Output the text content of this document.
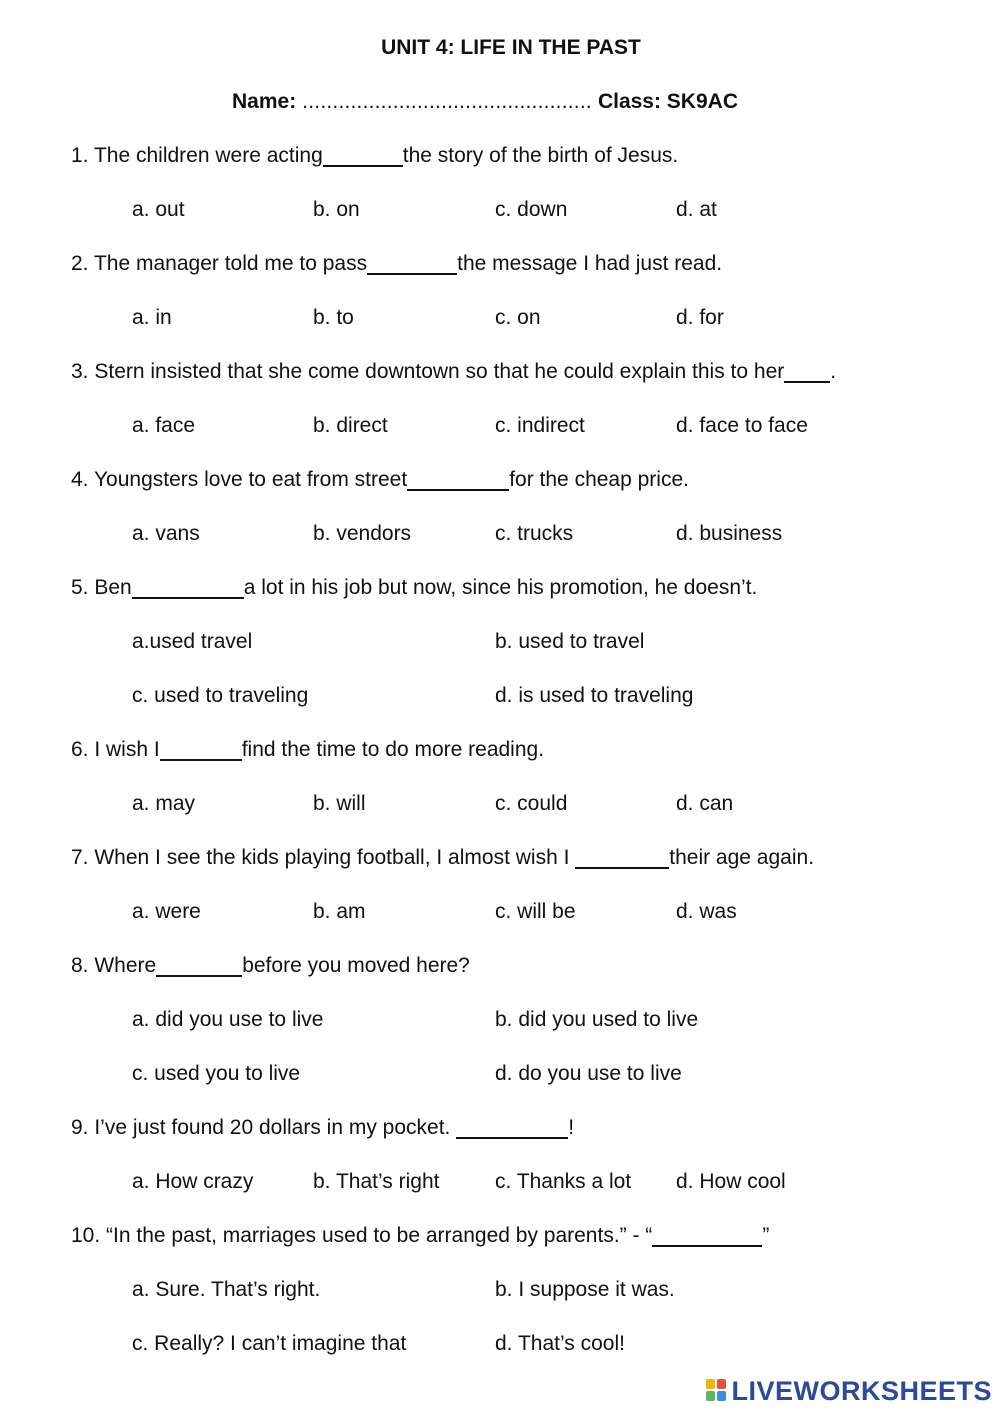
UNIT 4: LIFE IN THE PAST
Name: ................................................ Class: SK9AC
1. The children were acting	the story of the birth of Jesus.
a. out	b. on	c. down	d. at
2. The manager told me to pass	the message I had just read.
a. in	b. to	c. on	d. for
3. Stern insisted that she come downtown so that he could explain this to her .
a. face	b. direct	c. indirect	d. face to face
4. Youngsters love to eat from street	for the cheap price.
a. vans	b. vendors	c. trucks	d. business
5. Ben	a lot in his job but now, since his promotion, he doesn’t.
a.used travel	b. used to travel
c. used to traveling	d. is used to traveling
6. I wish I	find the time to do more reading.
a. may	b. will	c. could	d. can
7. When I see the kids playing football, I almost wish I	their age again.
a. were	b. am	c. will be	d. was
8. Where	before you moved here?
a. did you use to live	b. did you used to live
c. used you to live	d. do you use to live
9. I’ve just found 20 dollars in my pocket.	!
a. How crazy	b. That’s right	c. Thanks a lot d. How cool
10. “In the past, marriages used to be arranged by parents.” - “	”
a. Sure. That’s right.	b. I suppose it was.
c. Really? I can’t imagine that	d. That’s cool!
LIVEWORKSHEETS
